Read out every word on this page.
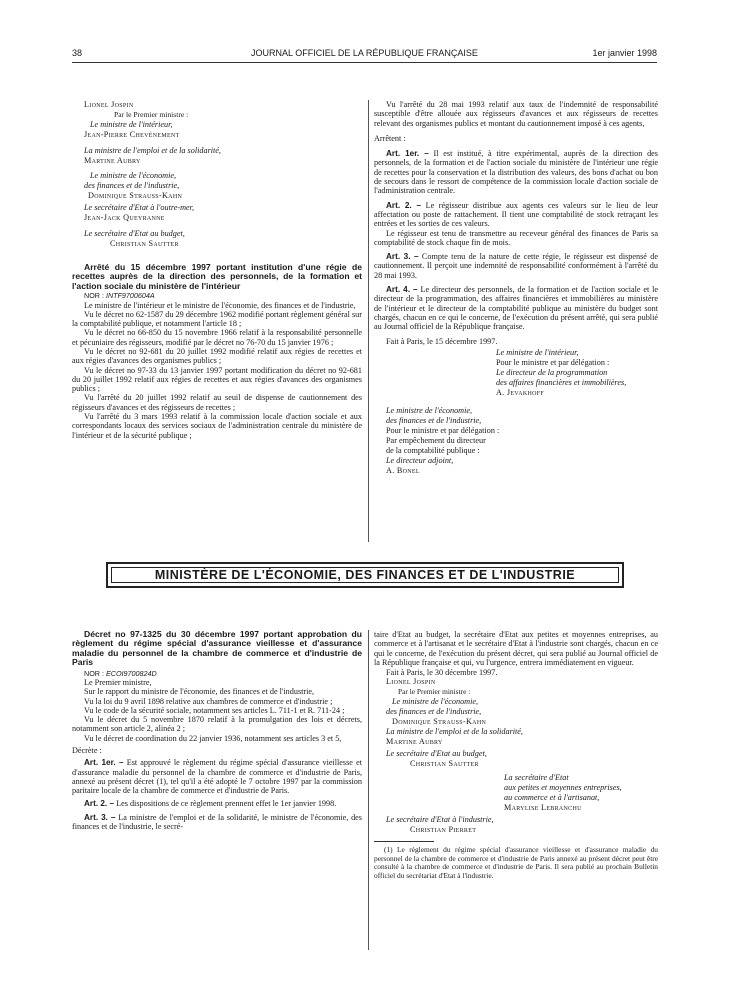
38	JOURNAL OFFICIEL DE LA RÉPUBLIQUE FRANÇAISE	1er janvier 1998

Lionel Jospin

Par le Premier ministre :

Le ministre de l'intérieur,

Jean-Pierre Chevènement

La ministre de l'emploi et de la solidarité,

Martine Aubry

Le ministre de l'économie,

des finances et de l'industrie,

Dominique Strauss-Kahn

Le secrétaire d'Etat à l'outre-mer,

Jean-Jack Queyranne

Le secrétaire d'Etat au budget,

Christian Sautter

Arrêté du 15 décembre 1997 portant institution d'une régie de recettes auprès de la direction des personnels, de la formation et l'action sociale du ministère de l'intérieur

NOR : INTF9700604A

Le ministre de l'intérieur et le ministre de l'économie, des finances et de l'industrie,

Vu le décret no 62-1587 du 29 décembre 1962 modifié portant règlement général sur la comptabilité publique, et notamment l'article 18 ;

Vu le décret no 66-850 du 15 novembre 1966 relatif à la responsabilité personnelle et pécuniaire des régisseurs, modifié par le décret no 76-70 du 15 janvier 1976 ;

Vu le décret no 92-681 du 20 juillet 1992 modifié relatif aux régies de recettes et aux régies d'avances des organismes publics ;

Vu le décret no 97-33 du 13 janvier 1997 portant modification du décret no 92-681 du 20 juillet 1992 relatif aux régies de recettes et aux régies d'avances des organismes publics ;

Vu l'arrêté du 20 juillet 1992 relatif au seuil de dispense de cautionnement des régisseurs d'avances et des régisseurs de recettes ;

Vu l'arrêté du 3 mars 1993 relatif à la commission locale d'action sociale et aux correspondants locaux des services sociaux de l'administration centrale du ministère de l'intérieur et de la sécurité publique ;

Vu l'arrêté du 28 mai 1993 relatif aux taux de l'indemnité de responsabilité susceptible d'être allouée aux régisseurs d'avances et aux régisseurs de recettes relevant des organismes publics et montant du cautionnement imposé à ces agents,

Arrêtent :

Art. 1er. – Il est institué, à titre expérimental, auprès de la direction des personnels, de la formation et de l'action sociale du ministère de l'intérieur une régie de recettes pour la conservation et la distribution des valeurs, des bons d'achat ou bon de secours dans le ressort de compétence de la commission locale d'action sociale de l'administration centrale.

Art. 2. – Le régisseur distribue aux agents ces valeurs sur le lieu de leur affectation ou poste de rattachement. Il tient une comptabilité de stock retraçant les entrées et les sorties de ces valeurs.

Le régisseur est tenu de transmettre au receveur général des finances de Paris sa comptabilité de stock chaque fin de mois.

Art. 3. – Compte tenu de la nature de cette régie, le régisseur est dispensé de cautionnement. Il perçoit une indemnité de responsabilité conformément à l'arrêté du 28 mai 1993.

Art. 4. – Le directeur des personnels, de la formation et de l'action sociale et le directeur de la programmation, des affaires financières et immobilières au ministère de l'intérieur et le directeur de la comptabilité publique au ministère du budget sont chargés, chacun en ce qui le concerne, de l'exécution du présent arrêté, qui sera publié au Journal officiel de la République française.

Fait à Paris, le 15 décembre 1997.

Le ministre de l'intérieur,

Pour le ministre et par délégation :

Le directeur de la programmation

des affaires financières et immobilières,

A. Jevakhoff

Le ministre de l'économie,

des finances et de l'industrie,

Pour le ministre et par délégation :

Par empêchement du directeur

de la comptabilité publique :

Le directeur adjoint,

A. Bonel

MINISTÈRE DE L'ÉCONOMIE, DES FINANCES ET DE L'INDUSTRIE

Décret no 97-1325 du 30 décembre 1997 portant approbation du règlement du régime spécial d'assurance vieillesse et d'assurance maladie du personnel de la chambre de commerce et d'industrie de Paris

NOR : ECOI9700824D

Le Premier ministre,

Sur le rapport du ministre de l'économie, des finances et de l'industrie,

Vu la loi du 9 avril 1898 relative aux chambres de commerce et d'industrie ;

Vu le code de la sécurité sociale, notamment ses articles L. 711-1 et R. 711-24 ;

Vu le décret du 5 novembre 1870 relatif à la promulgation des lois et décrets, notamment son article 2, alinéa 2 ;

Vu le décret de coordination du 22 janvier 1936, notamment ses articles 3 et 5,

Décrète :

Art. 1er. – Est approuvé le règlement du régime spécial d'assurance vieillesse et d'assurance maladie du personnel de la chambre de commerce et d'industrie de Paris, annexé au présent décret (1), tel qu'il a été adopté le 7 octobre 1997 par la commission paritaire locale de la chambre de commerce et d'industrie de Paris.

Art. 2. – Les dispositions de ce règlement prennent effet le 1er janvier 1998.

Art. 3. – La ministre de l'emploi et de la solidarité, le ministre de l'économie, des finances et de l'industrie, le secré-

taire d'Etat au budget, la secrétaire d'Etat aux petites et moyennes entreprises, au commerce et à l'artisanat et le secrétaire d'Etat à l'industrie sont chargés, chacun en ce qui le concerne, de l'exécution du présent décret, qui sera publié au Journal officiel de la République française et qui, vu l'urgence, entrera immédiatement en vigueur.

Fait à Paris, le 30 décembre 1997.

Lionel Jospin

Par le Premier ministre :

Le ministre de l'économie,

des finances et de l'industrie,

Dominique Strauss-Kahn

La ministre de l'emploi et de la solidarité,

Martine Aubry

Le secrétaire d'Etat au budget,

Christian Sautter

La secrétaire d'Etat

aux petites et moyennes entreprises,

au commerce et à l'artisanat,

Marylise Lebranchu

Le secrétaire d'Etat à l'industrie,

Christian Pierret

(1) Le règlement du régime spécial d'assurance vieillesse et d'assurance maladie du personnel de la chambre de commerce et d'industrie de Paris annexé au présent décret peut être consulté à la chambre de commerce et d'industrie de Paris. Il sera publié au prochain Bulletin officiel du secrétariat d'Etat à l'industrie.
